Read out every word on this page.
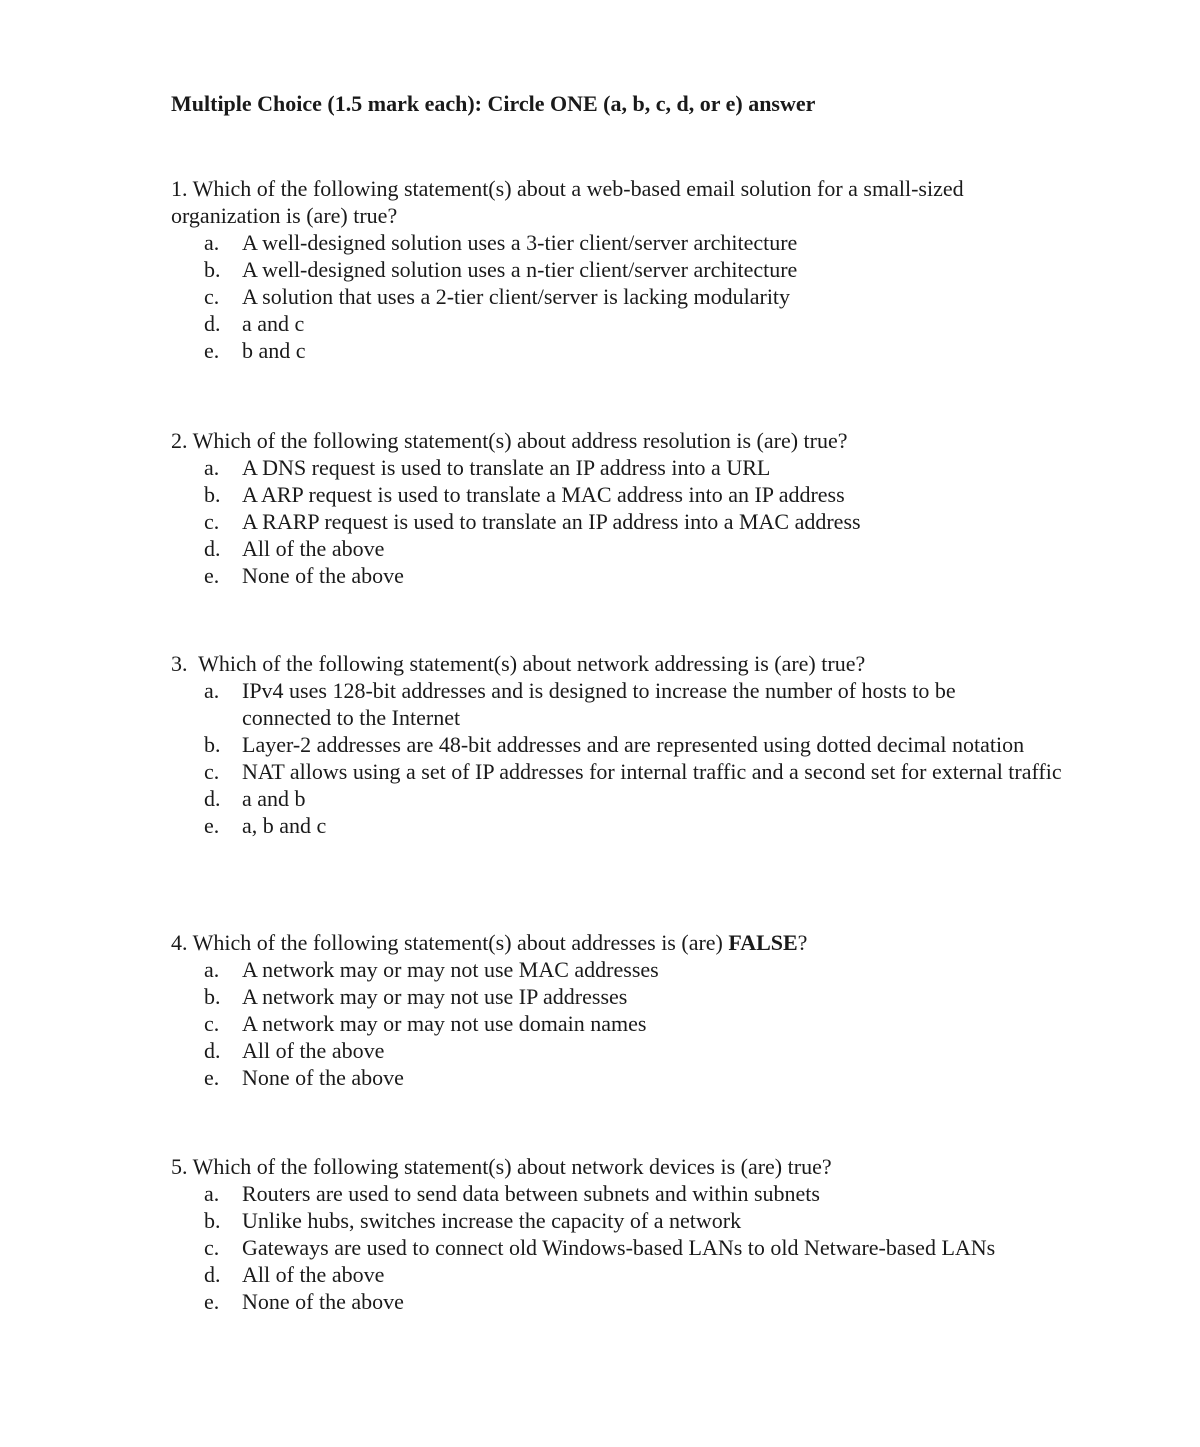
Multiple Choice (1.5 mark each): Circle ONE (a, b, c, d, or e) answer
1. Which of the following statement(s) about a web-based email solution for a small-sized organization is (are) true?
a.	A well-designed solution uses a 3-tier client/server architecture
b. A well-designed solution uses a n-tier client/server architecture
c.	A solution that uses a 2-tier client/server is lacking modularity
d. a and c
e.	b and c
2. Which of the following statement(s) about address resolution is (are) true?
a.	A DNS request is used to translate an IP address into a URL
b. A ARP request is used to translate a MAC address into an IP address
c.	A RARP request is used to translate an IP address into a MAC address
d. All of the above
e.	None of the above
3.  Which of the following statement(s) about network addressing is (are) true?
a.	IPv4 uses 128-bit addresses and is designed to increase the number of hosts to be connected to the Internet
b. Layer-2 addresses are 48-bit addresses and are represented using dotted decimal notation
c.	NAT allows using a set of IP addresses for internal traffic and a second set for external traffic
d. a and b
e.	a, b and c
4. Which of the following statement(s) about addresses is (are) FALSE?
a.	A network may or may not use MAC addresses
b. A network may or may not use IP addresses
c.	A network may or may not use domain names
d. All of the above
e.	None of the above
5. Which of the following statement(s) about network devices is (are) true?
a.	Routers are used to send data between subnets and within subnets
b. Unlike hubs, switches increase the capacity of a network
c.	Gateways are used to connect old Windows-based LANs to old Netware-based LANs
d. All of the above
e.	None of the above
